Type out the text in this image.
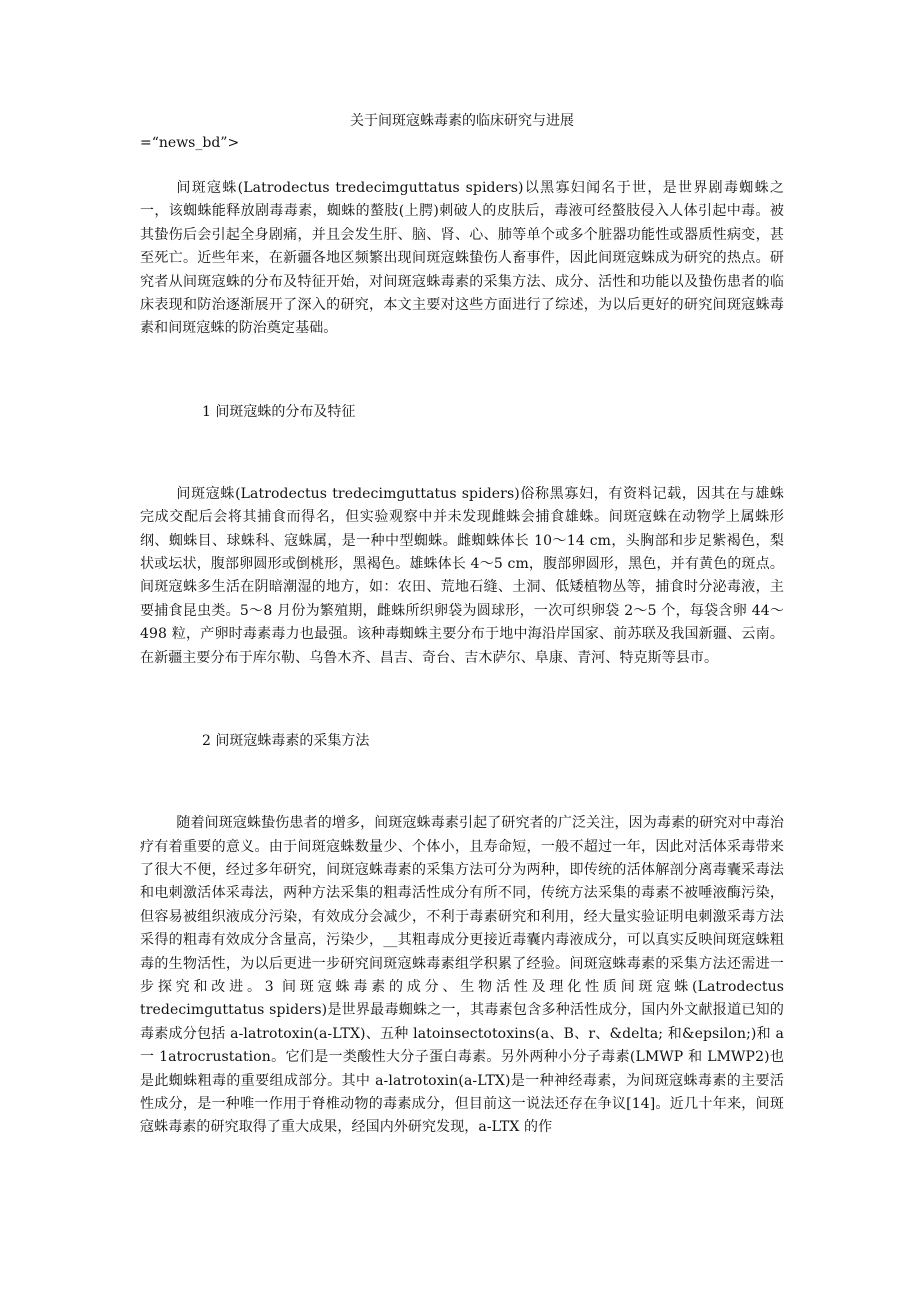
关于间斑寇蛛毒素的临床研究与进展

=“news_bd”>

间斑寇蛛(Latrodectus tredecimguttatus spiders)以黑寡妇闻名于世，是世界剧毒蜘蛛之一，该蜘蛛能释放剧毒毒素，蜘蛛的螯肢(上腭)刺破人的皮肤后，毒液可经螯肢侵入人体引起中毒。被其蛰伤后会引起全身剧痛，并且会发生肝、脑、肾、心、肺等单个或多个脏器功能性或器质性病变，甚至死亡。近些年来，在新疆各地区频繁出现间斑寇蛛蛰伤人畜事件，因此间斑寇蛛成为研究的热点。研究者从间斑寇蛛的分布及特征开始，对间斑寇蛛毒素的采集方法、成分、活性和功能以及蛰伤患者的临床表现和防治逐渐展开了深入的研究，本文主要对这些方面进行了综述，为以后更好的研究间斑寇蛛毒素和间斑寇蛛的防治奠定基础。

1 间斑寇蛛的分布及特征

间斑寇蛛(Latrodectus tredecimguttatus spiders)俗称黑寡妇，有资料记载，因其在与雄蛛完成交配后会将其捕食而得名，但实验观察中并未发现雌蛛会捕食雄蛛。间斑寇蛛在动物学上属蛛形纲、蜘蛛目、球蛛科、寇蛛属，是一种中型蜘蛛。雌蜘蛛体长 10～14 cm，头胸部和步足紫褐色，梨状或坛状，腹部卵圆形或倒桃形，黑褐色。雄蛛体长 4～5 cm，腹部卵圆形，黑色，并有黄色的斑点。间斑寇蛛多生活在阴暗潮湿的地方，如：农田、荒地石缝、土洞、低矮植物丛等，捕食时分泌毒液，主要捕食昆虫类。5～8 月份为繁殖期，雌蛛所织卵袋为圆球形，一次可织卵袋 2～5 个，每袋含卵 44～498 粒，产卵时毒素毒力也最强。该种毒蜘蛛主要分布于地中海沿岸国家、前苏联及我国新疆、云南。在新疆主要分布于库尔勒、乌鲁木齐、昌吉、奇台、吉木萨尔、阜康、青河、特克斯等县市。

2 间斑寇蛛毒素的采集方法

随着间斑寇蛛蛰伤患者的增多，间斑寇蛛毒素引起了研究者的广泛关注，因为毒素的研究对中毒治疗有着重要的意义。由于间斑寇蛛数量少、个体小，且寿命短，一般不超过一年，因此对活体采毒带来了很大不便，经过多年研究，间斑寇蛛毒素的采集方法可分为两种，即传统的活体解剖分离毒囊采毒法和电刺激活体采毒法，两种方法采集的粗毒活性成分有所不同，传统方法采集的毒素不被唾液酶污染，但容易被组织液成分污染，有效成分会减少，不利于毒素研究和利用，经大量实验证明电刺激采毒方法采得的粗毒有效成分含量高，污染少，__其粗毒成分更接近毒囊内毒液成分，可以真实反映间斑寇蛛粗毒的生物活性，为以后更进一步研究间斑寇蛛毒素组学积累了经验。间斑寇蛛毒素的采集方法还需进一步探究和改进。3 间斑寇蛛毒素的成分、生物活性及理化性质间斑寇蛛(Latrodectus tredecimguttatus spiders)是世界最毒蜘蛛之一，其毒素包含多种活性成分，国内外文献报道已知的毒素成分包括 a-latrotoxin(a-LTX)、五种 latoinsectotoxins(a、Β、r、&delta; 和&epsilon;)和 a 一 1atrocrustation。它们是一类酸性大分子蛋白毒素。另外两种小分子毒素(LMWP 和 LMWP2)也是此蜘蛛粗毒的重要组成部分。其中 a-latrotoxin(a-LTX)是一种神经毒素，为间斑寇蛛毒素的主要活性成分，是一种唯一作用于脊椎动物的毒素成分，但目前这一说法还存在争议[14]。近几十年来，间斑寇蛛毒素的研究取得了重大成果，经国内外研究发现，a-LTX 的作
